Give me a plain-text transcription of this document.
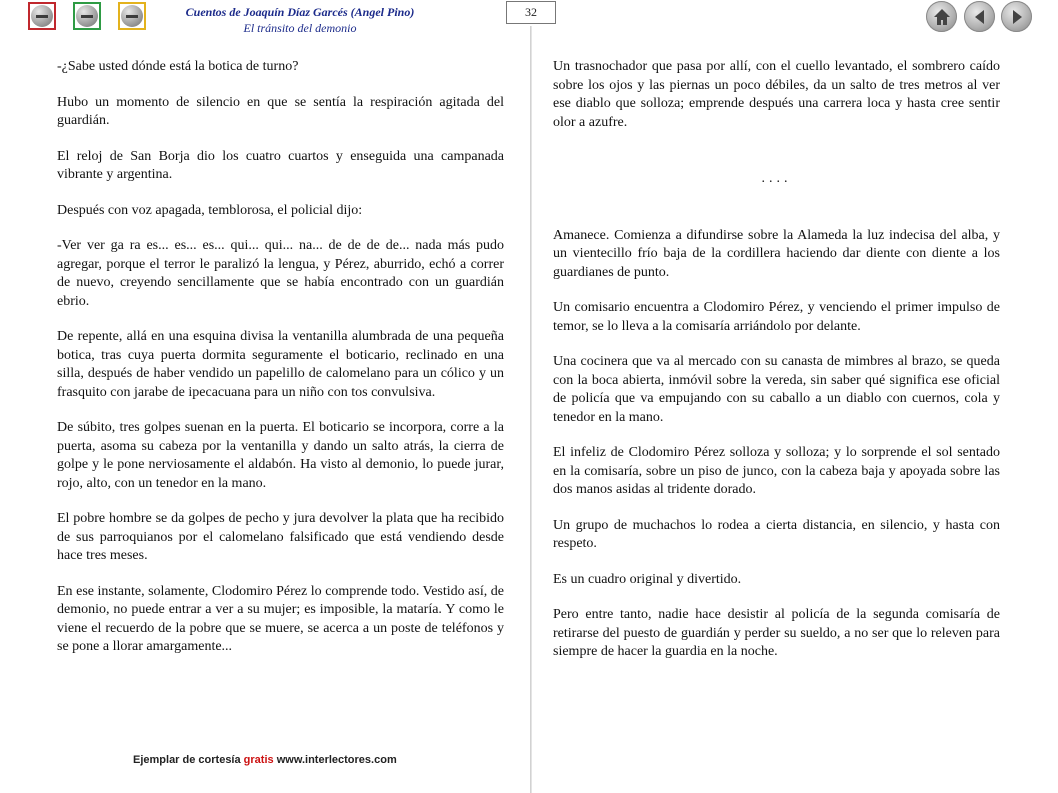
Cuentos de Joaquín Díaz Garcés (Angel Pino)
El tránsito del demonio
32

-¿Sabe usted dónde está la botica de turno?

Hubo un momento de silencio en que se sentía la respiración agitada del guardián.

El reloj de San Borja dio los cuatro cuartos y enseguida una campanada vibrante y argentina.

Después con voz apagada, temblorosa, el policial dijo:

-Ver ver ga ra es... es... es... qui... qui... na... de de de de... nada más pudo agregar, porque el terror le paralizó la lengua, y Pérez, aburrido, echó a correr de nuevo, creyendo sencillamente que se había encontrado con un guardián ebrio.

De repente, allá en una esquina divisa la ventanilla alumbrada de una pequeña botica, tras cuya puerta dormita seguramente el boticario, reclinado en una silla, después de haber vendido un papelillo de calomelano para un cólico y un frasquito con jarabe de ipecacuana para un niño con tos convulsiva.

De súbito, tres golpes suenan en la puerta. El boticario se incorpora, corre a la puerta, asoma su cabeza por la ventanilla y dando un salto atrás, la cierra de golpe y le pone nerviosamente el aldabón. Ha visto al demonio, lo puede jurar, rojo, alto, con un tenedor en la mano.

El pobre hombre se da golpes de pecho y jura devolver la plata que ha recibido de sus parroquianos por el calomelano falsificado que está vendiendo desde hace tres meses.

En ese instante, solamente, Clodomiro Pérez lo comprende todo. Vestido así, de demonio, no puede entrar a ver a su mujer; es imposible, la mataría. Y como le viene el recuerdo de la pobre que se muere, se acerca a un poste de teléfonos y se pone a llorar amargamente...

Un trasnochador que pasa por allí, con el cuello levantado, el sombrero caído sobre los ojos y las piernas un poco débiles, da un salto de tres metros al ver ese diablo que solloza; emprende después una carrera loca y hasta cree sentir olor a azufre.

....

Amanece. Comienza a difundirse sobre la Alameda la luz indecisa del alba, y un vientecillo frío baja de la cordillera haciendo dar diente con diente a los guardianes de punto.

Un comisario encuentra a Clodomiro Pérez, y venciendo el primer impulso de temor, se lo lleva a la comisaría arriándolo por delante.

Una cocinera que va al mercado con su canasta de mimbres al brazo, se queda con la boca abierta, inmóvil sobre la vereda, sin saber qué significa ese oficial de policía que va empujando con su caballo a un diablo con cuernos, cola y tenedor en la mano.

El infeliz de Clodomiro Pérez solloza y solloza; y lo sorprende el sol sentado en la comisaría, sobre un piso de junco, con la cabeza baja y apoyada sobre las dos manos asidas al tridente dorado.

Un grupo de muchachos lo rodea a cierta distancia, en silencio, y hasta con respeto.

Es un cuadro original y divertido.

Pero entre tanto, nadie hace desistir al policía de la segunda comisaría de retirarse del puesto de guardián y perder su sueldo, a no ser que lo releven para siempre de hacer la guardia en la noche.

Ejemplar de cortesía gratis www.interlectores.com
